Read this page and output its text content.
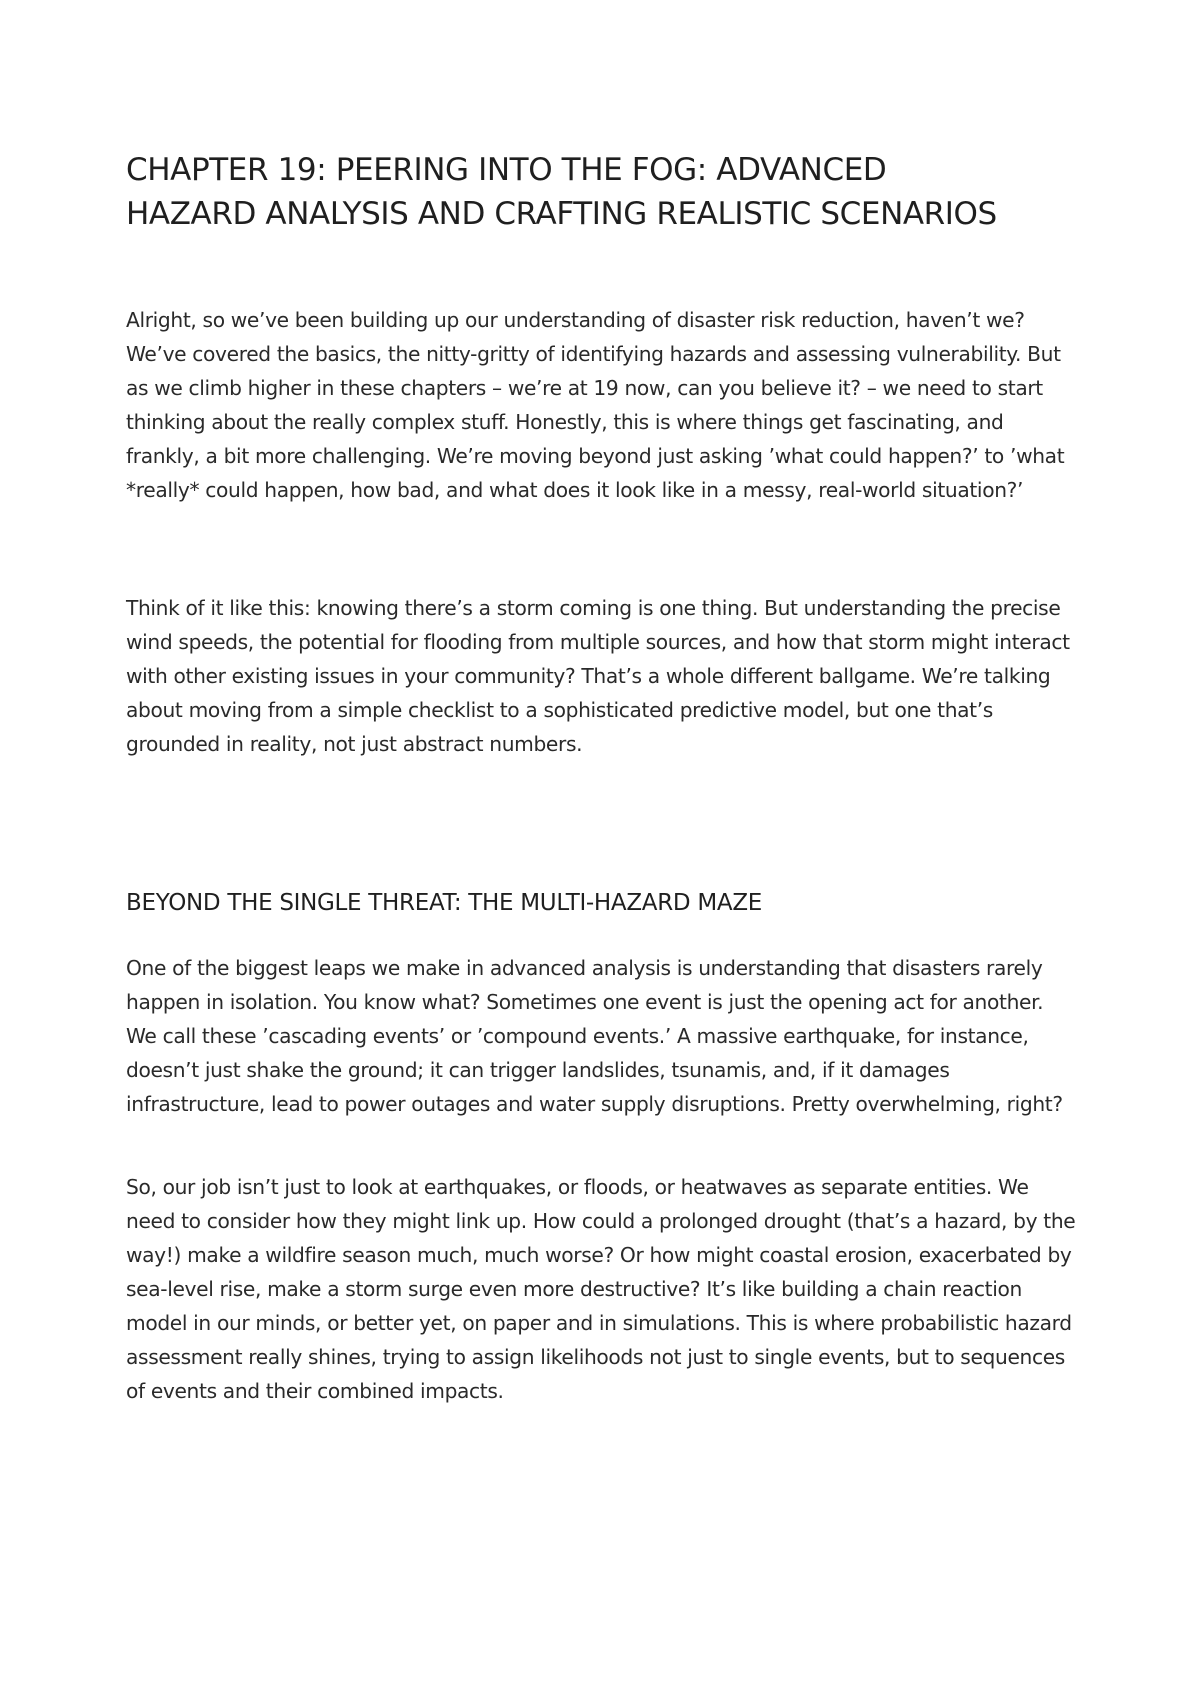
CHAPTER 19: PEERING INTO THE FOG: ADVANCED HAZARD ANALYSIS AND CRAFTING REALISTIC SCENARIOS

Alright, so we’ve been building up our understanding of disaster risk reduction, haven’t we? We’ve covered the basics, the nitty-gritty of identifying hazards and assessing vulnerability. But as we climb higher in these chapters – we’re at 19 now, can you believe it? – we need to start thinking about the really complex stuff. Honestly, this is where things get fascinating, and frankly, a bit more challenging. We’re moving beyond just asking ’what could happen?’ to ’what *really* could happen, how bad, and what does it look like in a messy, real-world situation?’

Think of it like this: knowing there’s a storm coming is one thing. But understanding the precise wind speeds, the potential for flooding from multiple sources, and how that storm might interact with other existing issues in your community? That’s a whole different ballgame. We’re talking about moving from a simple checklist to a sophisticated predictive model, but one that’s grounded in reality, not just abstract numbers.

BEYOND THE SINGLE THREAT: THE MULTI-HAZARD MAZE

One of the biggest leaps we make in advanced analysis is understanding that disasters rarely happen in isolation. You know what? Sometimes one event is just the opening act for another. We call these ’cascading events’ or ’compound events.’ A massive earthquake, for instance, doesn’t just shake the ground; it can trigger landslides, tsunamis, and, if it damages infrastructure, lead to power outages and water supply disruptions. Pretty overwhelming, right?

So, our job isn’t just to look at earthquakes, or floods, or heatwaves as separate entities. We need to consider how they might link up. How could a prolonged drought (that’s a hazard, by the way!) make a wildfire season much, much worse? Or how might coastal erosion, exacerbated by sea-level rise, make a storm surge even more destructive? It’s like building a chain reaction model in our minds, or better yet, on paper and in simulations. This is where probabilistic hazard assessment really shines, trying to assign likelihoods not just to single events, but to sequences of events and their combined impacts.
